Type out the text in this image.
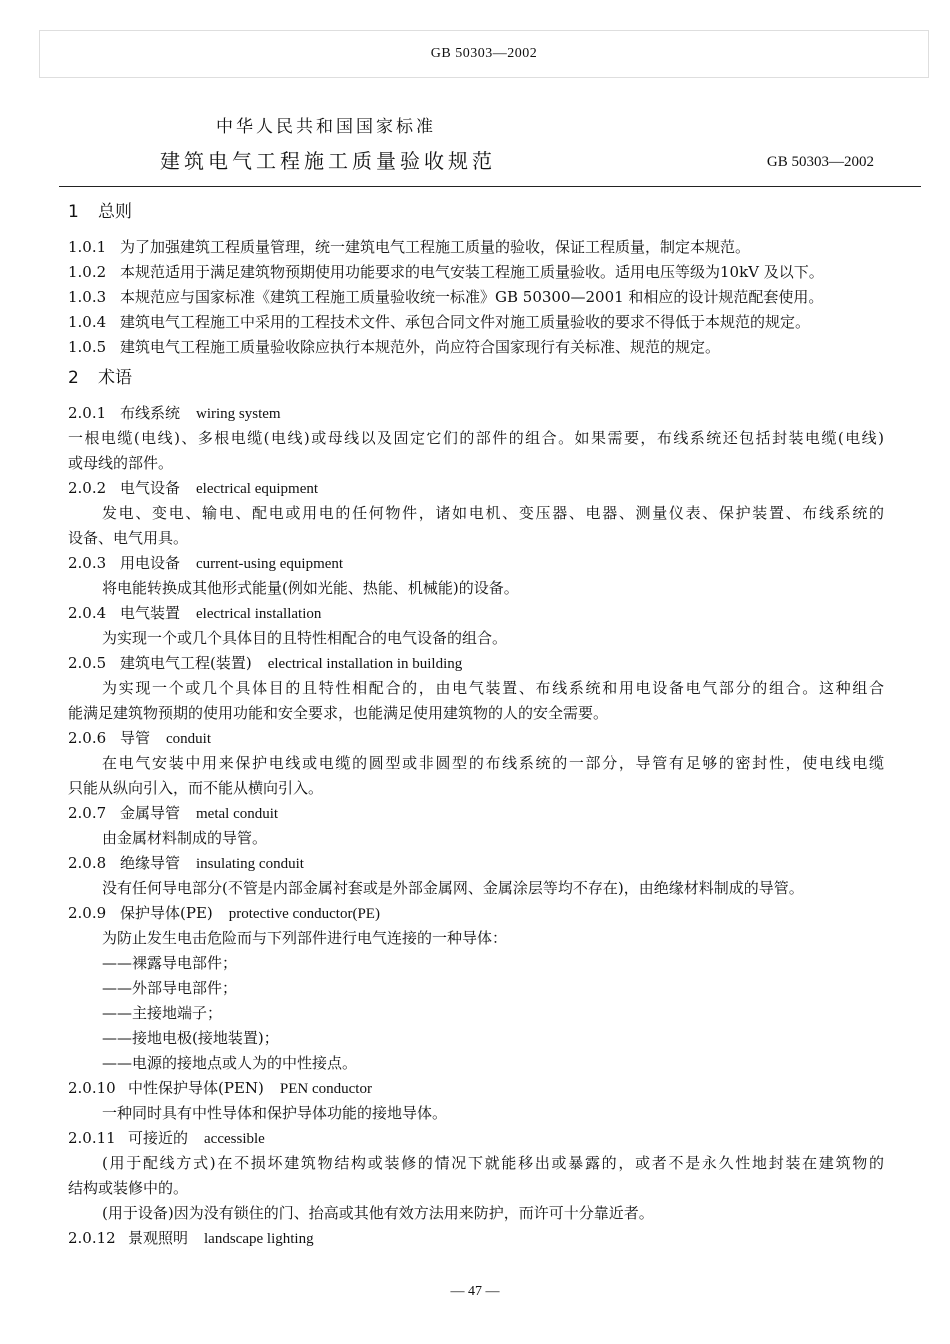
GB 50303—2002
中华人民共和国国家标准
建筑电气工程施工质量验收规范	GB 50303—2002
1 总则
1.0.1 为了加强建筑工程质量管理，统一建筑电气工程施工质量的验收，保证工程质量，制定本规范。
1.0.2 本规范适用于满足建筑物预期使用功能要求的电气安装工程施工质量验收。适用电压等级为10kV 及以下。
1.0.3 本规范应与国家标准《建筑工程施工质量验收统一标准》GB 50300—2001 和相应的设计规范配套使用。
1.0.4 建筑电气工程施工中采用的工程技术文件、承包合同文件对施工质量验收的要求不得低于本规范的规定。
1.0.5 建筑电气工程施工质量验收除应执行本规范外，尚应符合国家现行有关标准、规范的规定。
2 术语
2.0.1 布线系统 wiring system
一根电缆(电线)、多根电缆(电线)或母线以及固定它们的部件的组合。如果需要，布线系统还包括封装电缆(电线)
或母线的部件。
2.0.2 电气设备 electrical equipment
发电、变电、输电、配电或用电的任何物件，诸如电机、变压器、电器、测量仪表、保护装置、布线系统的
设备、电气用具。
2.0.3 用电设备 current-using equipment
将电能转换成其他形式能量(例如光能、热能、机械能)的设备。
2.0.4 电气装置 electrical installation
为实现一个或几个具体目的且特性相配合的电气设备的组合。
2.0.5 建筑电气工程(装置) electrical installation in building
为实现一个或几个具体目的且特性相配合的，由电气装置、布线系统和用电设备电气部分的组合。这种组合
能满足建筑物预期的使用功能和安全要求，也能满足使用建筑物的人的安全需要。
2.0.6 导管 conduit
在电气安装中用来保护电线或电缆的圆型或非圆型的布线系统的一部分，导管有足够的密封性，使电线电缆
只能从纵向引入，而不能从横向引入。
2.0.7 金属导管 metal conduit
由金属材料制成的导管。
2.0.8 绝缘导管 insulating conduit
没有任何导电部分(不管是内部金属衬套或是外部金属网、金属涂层等均不存在)，由绝缘材料制成的导管。
2.0.9 保护导体(PE) protective conductor(PE)
为防止发生电击危险而与下列部件进行电气连接的一种导体：
——裸露导电部件；
——外部导电部件；
——主接地端子；
——接地电极(接地装置)；
——电源的接地点或人为的中性接点。
2.0.10 中性保护导体(PEN) PEN conductor
一种同时具有中性导体和保护导体功能的接地导体。
2.0.11 可接近的 accessible
(用于配线方式)在不损坏建筑物结构或装修的情况下就能移出或暴露的，或者不是永久性地封装在建筑物的
结构或装修中的。
(用于设备)因为没有锁住的门、抬高或其他有效方法用来防护，而许可十分靠近者。
2.0.12 景观照明 landscape lighting
— 47 —
